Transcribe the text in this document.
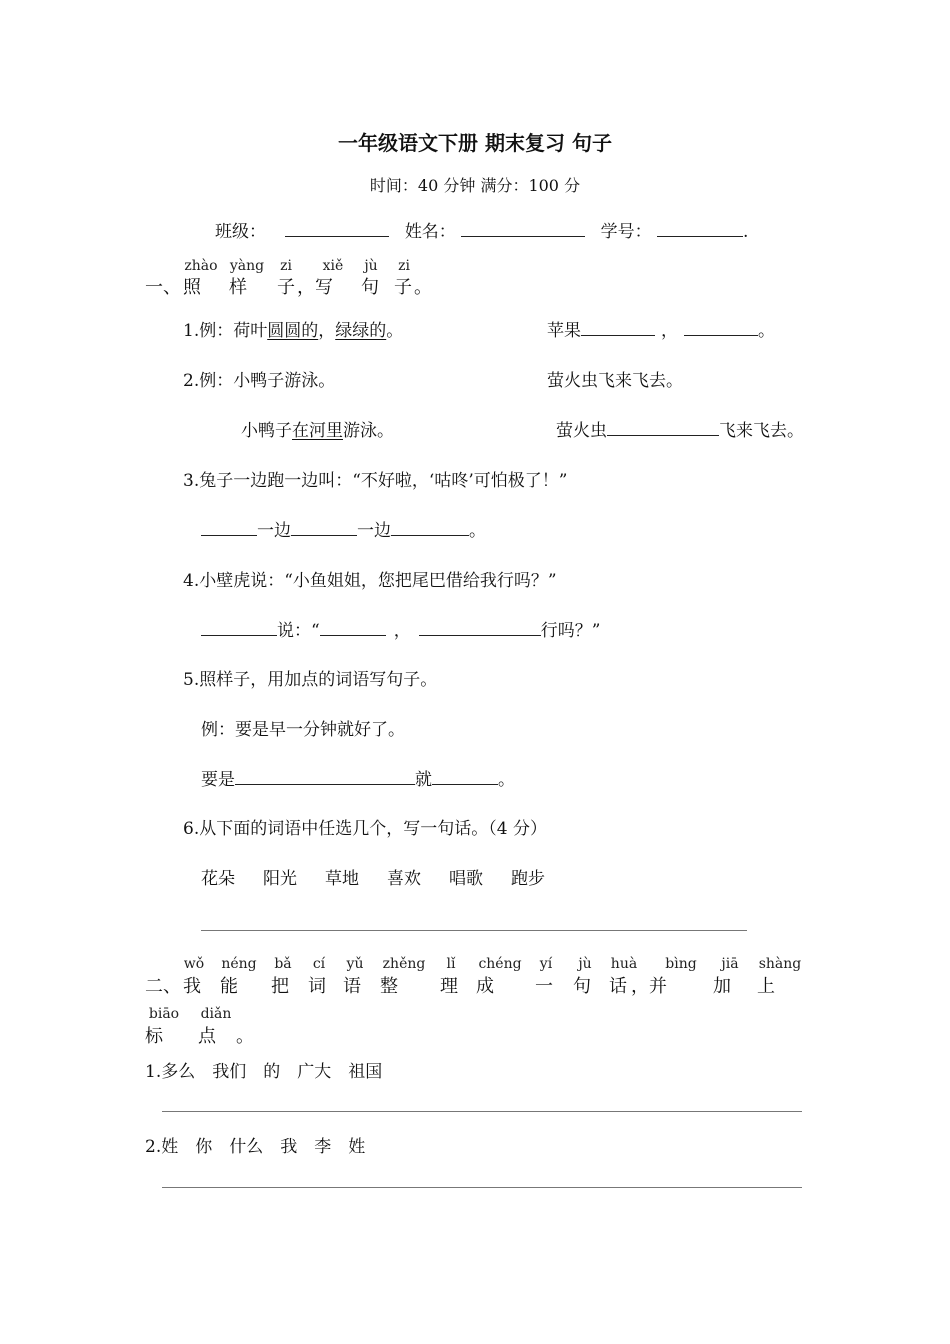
一年级语文下册 期末复习 句子
时间：40 分钟 满分：100 分
班级：	姓名：	学号：	.
一、
zhào
照
yàng
样
zi
子 ，写
xiě	jù
句
zi
子 。
1.例：荷叶圆圆的，绿绿的。	苹果	，	。
2.例：小鸭子游泳。	萤火虫飞来飞去。
小鸭子在河里游泳。	萤火虫	飞来飞去。
3.兔子一边跑一边叫：“不好啦，‘咕咚’可怕极了！”
一边	一边	。
4.小壁虎说：“小鱼姐姐，您把尾巴借给我行吗？”
说：“	，	行吗？”
5.照样子，用加点的词语写句子。
例：要是早一分钟就好了。
要是	就	。
6.从下面的词语中任选几个，写一句话。（4 分）
花朵 阳光 草地 喜欢 唱歌 跑步
二、
wǒ
我
néng
能
bǎ
把
cí
词
yǔ
语
zhěng
整
lǐ
理
chéng
成
yí
一
jù
句
huà
话
bìng
，并
jiā
加
shàng
上
biāo
标
diǎn
点 。
1.多么　我们　的　广大　祖国
2.姓　你　什么　我　李　姓
